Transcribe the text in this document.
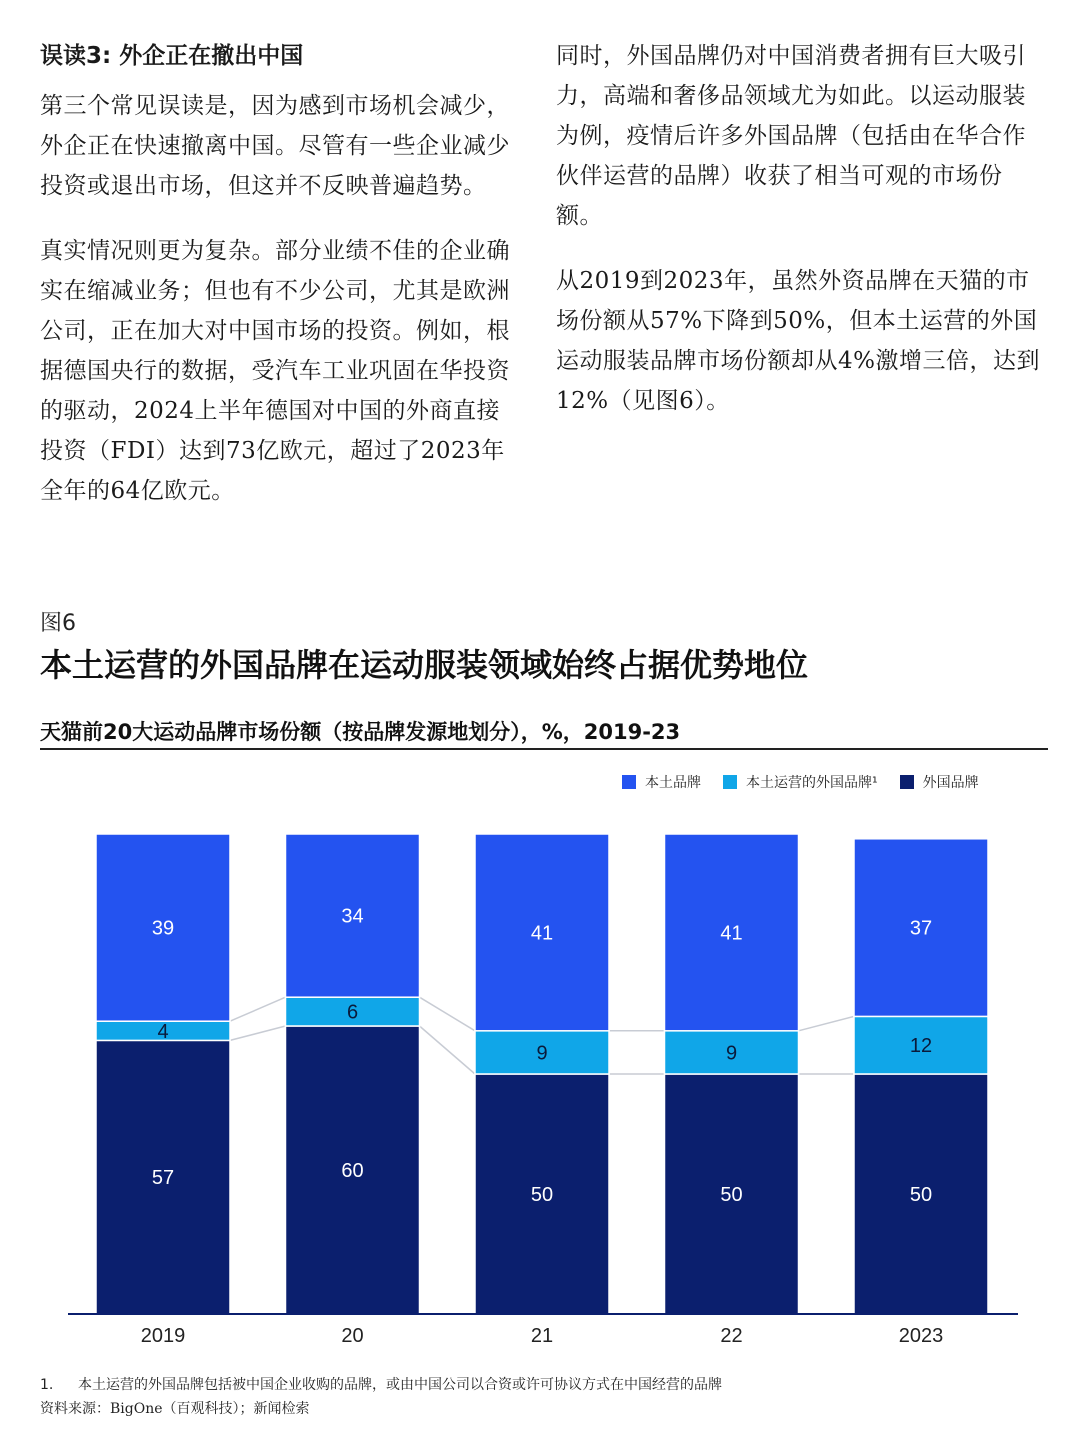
误读3: 外企正在撤出中国

第三个常见误读是，因为感到市场机会减少，外企正在快速撤离中国。尽管有一些企业减少投资或退出市场，但这并不反映普遍趋势。

真实情况则更为复杂。部分业绩不佳的企业确实在缩减业务；但也有不少公司，尤其是欧洲公司，正在加大对中国市场的投资。例如，根据德国央行的数据，受汽车工业巩固在华投资的驱动，2024上半年德国对中国的外商直接投资（FDI）达到73亿欧元，超过了2023年全年的64亿欧元。

同时，外国品牌仍对中国消费者拥有巨大吸引力，高端和奢侈品领域尤为如此。以运动服装为例，疫情后许多外国品牌（包括由在华合作伙伴运营的品牌）收获了相当可观的市场份额。

从2019到2023年，虽然外资品牌在天猫的市场份额从57%下降到50%，但本土运营的外国运动服装品牌市场份额却从4%激增三倍，达到12%（见图6）。

图6
本土运营的外国品牌在运动服装领域始终占据优势地位
天猫前20大运动品牌市场份额（按品牌发源地划分），%，2019-23
本土品牌	本土运营的外国品牌¹	外国品牌
57
4
39
2019
60
6
34
20
50
9
41
21
50
9
41
22
50
12
37
2023
1. 本土运营的外国品牌包括被中国企业收购的品牌，或由中国公司以合资或许可协议方式在中国经营的品牌
资料来源：BigOne（百观科技）；新闻检索
